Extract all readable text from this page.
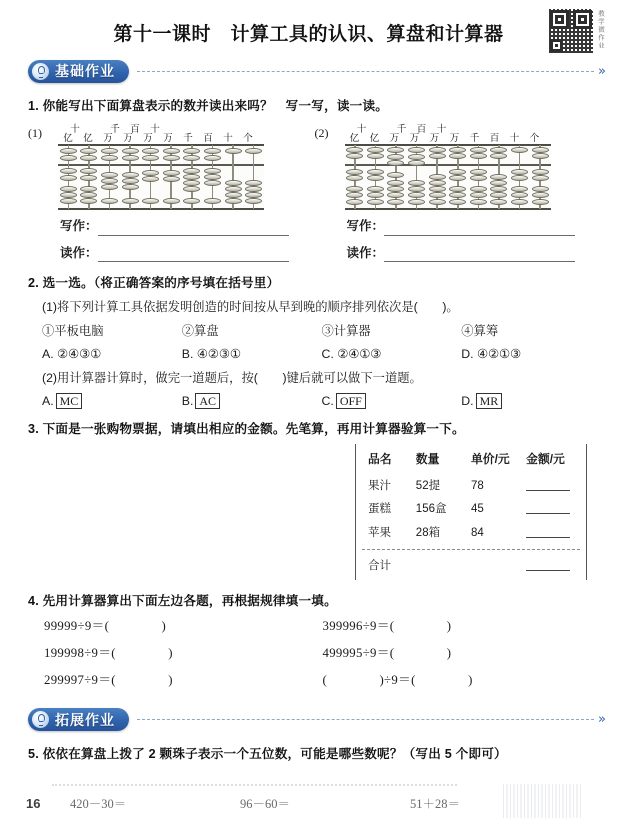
第十一课时　计算工具的认识、算盘和计算器	教学微作业
基础作业	»
1. 你能写出下面算盘表示的数并读出来吗？　写一写，读一读。
(1)	十	千 百 十
亿 亿 万 万 万 万 千 百 十 个	(2)	十	千 百 十
亿 亿 万 万 万 万 千 百 十 个
写作：
读作：
写作：
读作：
2. 选一选。（将正确答案的序号填在括号里）
(1)将下列计算工具依据发明创造的时间按从早到晚的顺序排列依次是(　　)。
①平板电脑	②算盘	③计算器	④算筹
A. ②④③①	B. ④②③①	C. ②④①③	D. ④②①③
(2)用计算器计算时，做完一道题后，按(　　)键后就可以做下一道题。
A. MC	B. AC	C. OFF	D. MR
3. 下面是一张购物票据，请填出相应的金额。先笔算，再用计算器验算一下。
品名	数量	单价/元	金额/元
果汁	52提	78	

蛋糕	156盒	45	

苹果	28箱	84	
合计			
4. 先用计算器算出下面左边各题，再根据规律填一填。
99999÷9＝(　　　　)	399996÷9＝(　　　　)
199998÷9＝(　　　　)	499995÷9＝(　　　　)
299997÷9＝(　　　　)	(　　　　)÷9＝(　　　　)
拓展作业	»
5. 依依在算盘上拨了 2 颗珠子表示一个五位数，可能是哪些数呢？（写出 5 个即可）
16	420－30＝	96－60＝	51＋28＝
